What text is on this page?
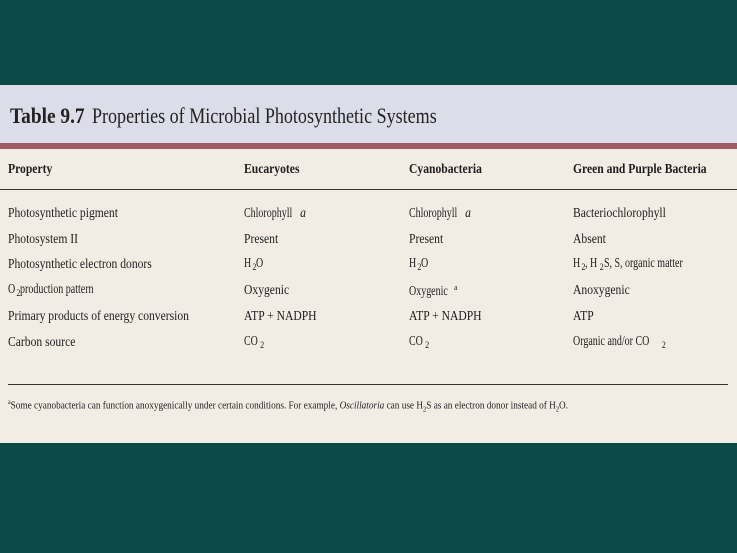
Table 9.7 Properties of Microbial Photosynthetic Systems
Property	Eucaryotes	Cyanobacteria	Green and Purple Bacteria
Photosynthetic pigment	Chlorophylla	Chlorophylla	Bacteriochlorophyll
Photosystem II	Present	Present	Absent
Photosynthetic electron donors	$H_2O$	$H_2O$	$H_2$, H $_2$S, S, organic matter
$O_2production$ pattern	Oxygenic	Oxygenic $^a$	Anoxygenic
Primary products of energy conversion	ATP + NADPH	ATP + NADPH	ATP
Carbon source	CO $_2$	CO $_2$	Organic and/or CO $_2$
$^a$Some cyanobacteria can function anoxygenically under certain conditions. For example, Oscillatoria can use $H_2S$ as an electron donor instead of $H_2O$.
